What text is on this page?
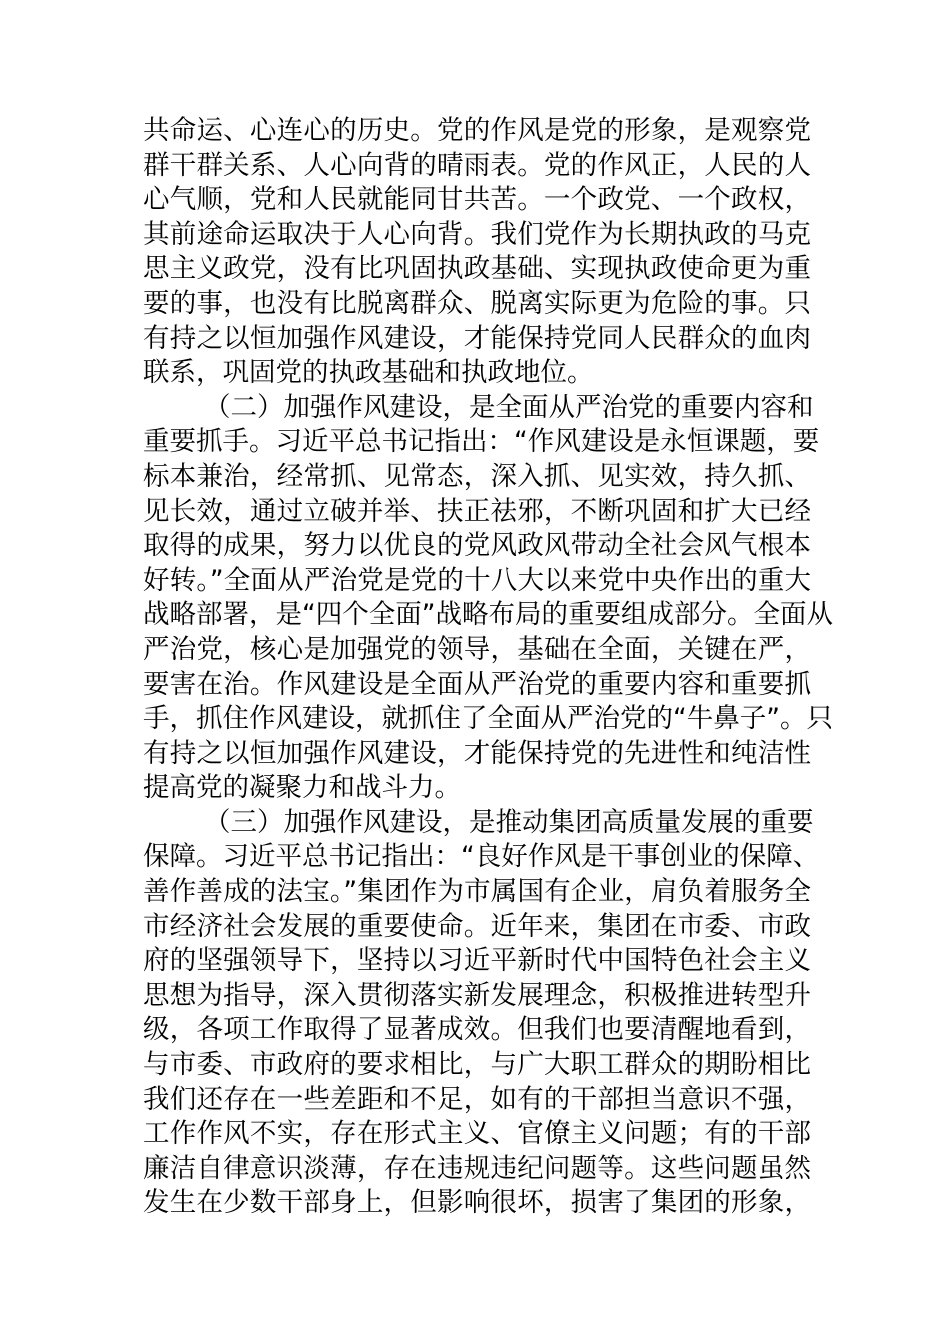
共命运、心连心的历史。党的作风是党的形象，是观察党
群干群关系、人心向背的晴雨表。党的作风正，人民的人
心气顺，党和人民就能同甘共苦。一个政党、一个政权，
其前途命运取决于人心向背。我们党作为长期执政的马克
思主义政党，没有比巩固执政基础、实现执政使命更为重
要的事，也没有比脱离群众、脱离实际更为危险的事。只
有持之以恒加强作风建设，才能保持党同人民群众的血肉
联系，巩固党的执政基础和执政地位。
（二）加强作风建设，是全面从严治党的重要内容和
重要抓手。习近平总书记指出：“作风建设是永恒课题，要
标本兼治，经常抓、见常态，深入抓、见实效，持久抓、
见长效，通过立破并举、扶正祛邪，不断巩固和扩大已经
取得的成果，努力以优良的党风政风带动全社会风气根本
好转。”全面从严治党是党的十八大以来党中央作出的重大
战略部署，是“四个全面”战略布局的重要组成部分。全面从
严治党，核心是加强党的领导，基础在全面，关键在严，
要害在治。作风建设是全面从严治党的重要内容和重要抓
手，抓住作风建设，就抓住了全面从严治党的“牛鼻子”。只
有持之以恒加强作风建设，才能保持党的先进性和纯洁性
提高党的凝聚力和战斗力。
（三）加强作风建设，是推动集团高质量发展的重要
保障。习近平总书记指出：“良好作风是干事创业的保障、
善作善成的法宝。”集团作为市属国有企业，肩负着服务全
市经济社会发展的重要使命。近年来，集团在市委、市政
府的坚强领导下，坚持以习近平新时代中国特色社会主义
思想为指导，深入贯彻落实新发展理念，积极推进转型升
级，各项工作取得了显著成效。但我们也要清醒地看到，
与市委、市政府的要求相比，与广大职工群众的期盼相比
我们还存在一些差距和不足，如有的干部担当意识不强，
工作作风不实，存在形式主义、官僚主义问题；有的干部
廉洁自律意识淡薄，存在违规违纪问题等。这些问题虽然
发生在少数干部身上，但影响很坏，损害了集团的形象，
